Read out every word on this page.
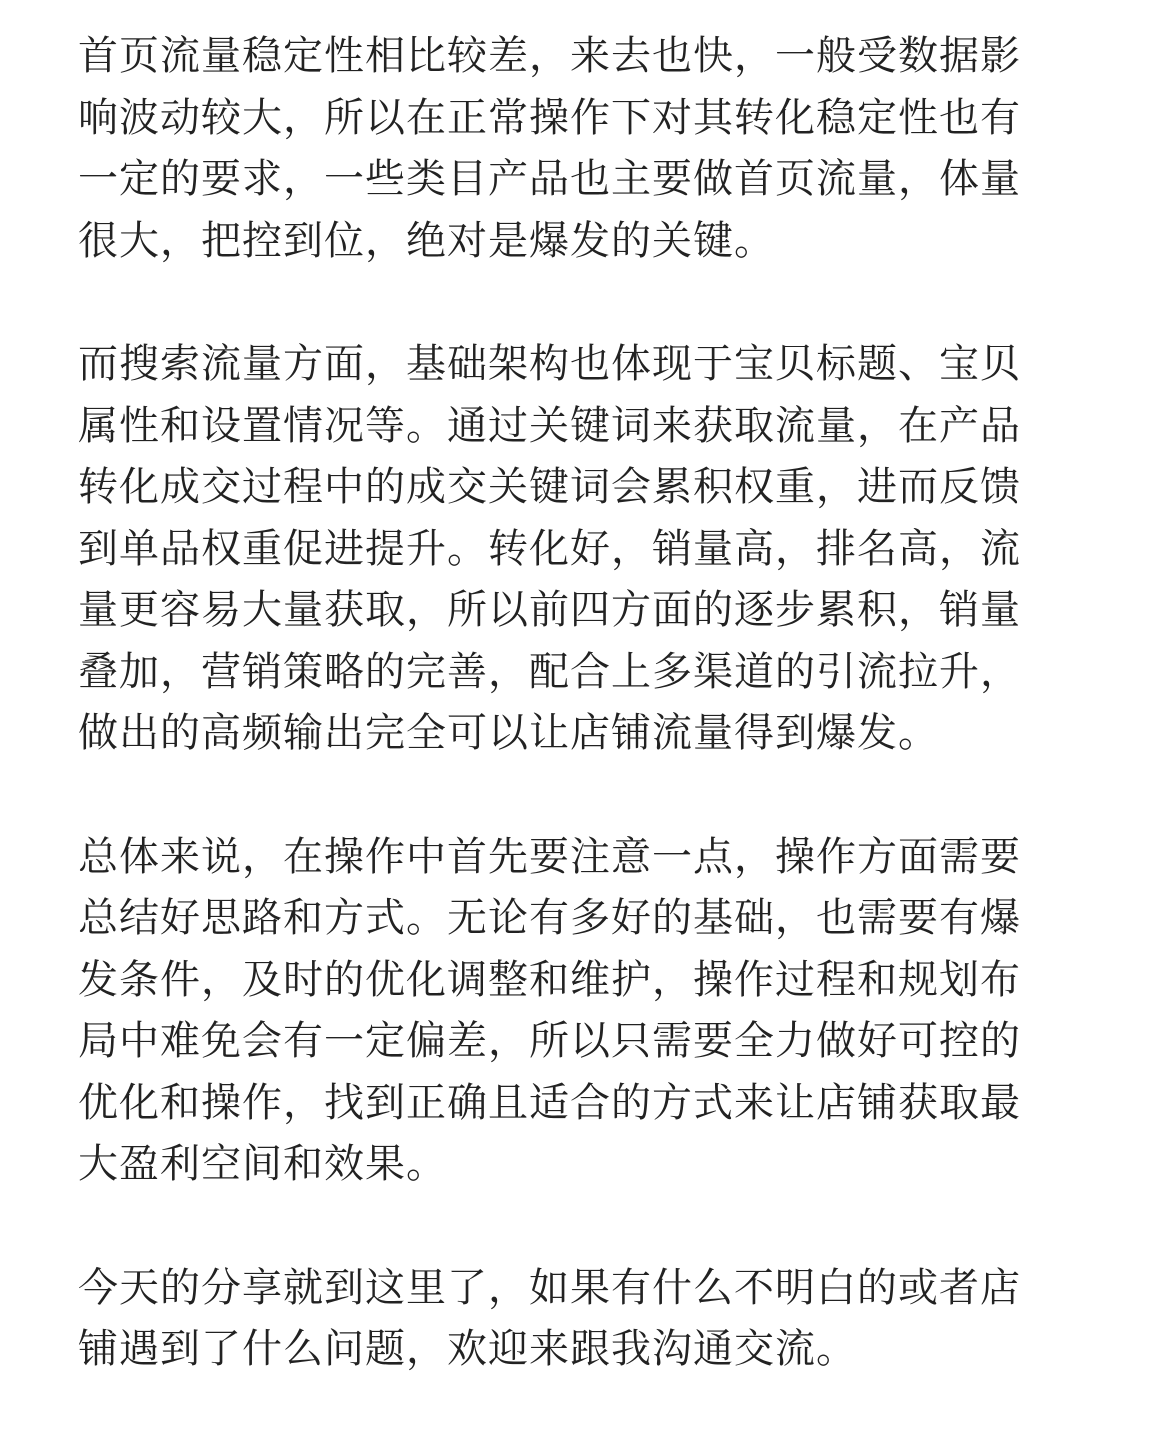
首页流量稳定性相比较差，来去也快，一般受数据影
响波动较大，所以在正常操作下对其转化稳定性也有
一定的要求，一些类目产品也主要做首页流量，体量
很大，把控到位，绝对是爆发的关键。

而搜索流量方面，基础架构也体现于宝贝标题、宝贝
属性和设置情况等。通过关键词来获取流量，在产品
转化成交过程中的成交关键词会累积权重，进而反馈
到单品权重促进提升。转化好，销量高，排名高，流
量更容易大量获取，所以前四方面的逐步累积，销量
叠加，营销策略的完善，配合上多渠道的引流拉升，
做出的高频输出完全可以让店铺流量得到爆发。

总体来说，在操作中首先要注意一点，操作方面需要
总结好思路和方式。无论有多好的基础，也需要有爆
发条件，及时的优化调整和维护，操作过程和规划布
局中难免会有一定偏差，所以只需要全力做好可控的
优化和操作，找到正确且适合的方式来让店铺获取最
大盈利空间和效果。

今天的分享就到这里了，如果有什么不明白的或者店
铺遇到了什么问题，欢迎来跟我沟通交流。
